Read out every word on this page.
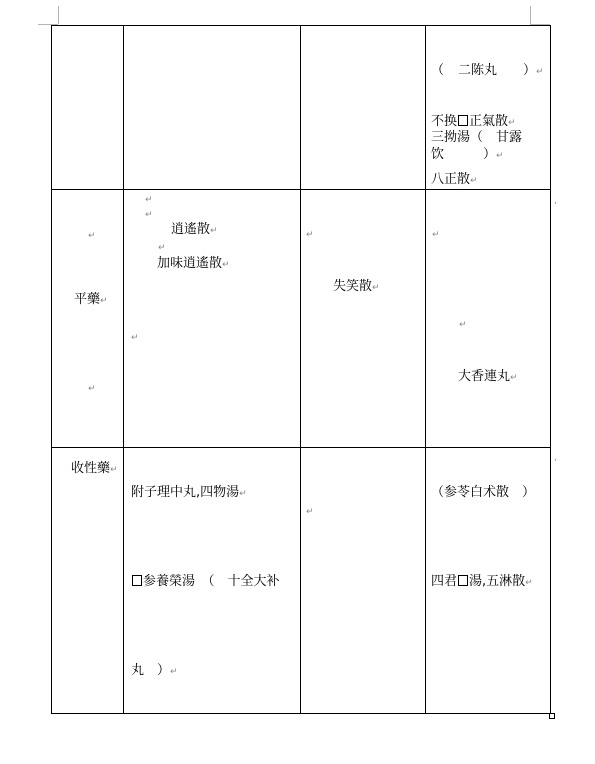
（ 二陈丸 ）↵
不换 正氣散↵
三拗湯（　甘露
饮　　　）↵
八正散↵
↵
平藥↵
↵
↵
↵
逍遙散↵
↵
加味逍遙散↵
↵
↵
失笑散↵
↵
↵
大香連丸↵
收性藥↵
附子理中丸,四物湯↵
参養榮湯　（　十全大补
丸　）↵
↵
（参苓白术散　）
四君 湯,五淋散↵
,
,
